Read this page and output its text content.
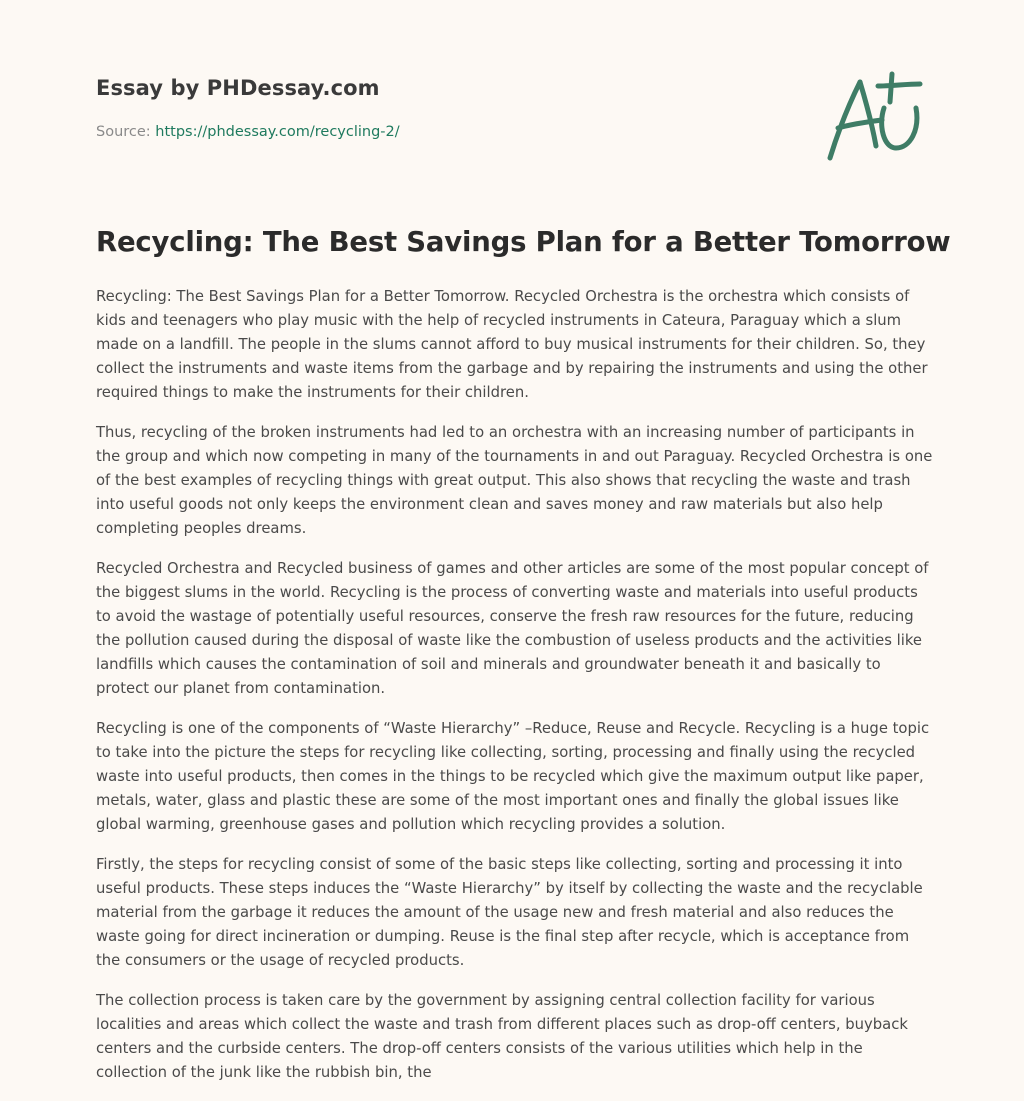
Essay by PHDessay.com

Source: https://phdessay.com/recycling-2/
Recycling: The Best Savings Plan for a Better Tomorrow

Recycling: The Best Savings Plan for a Better Tomorrow. Recycled Orchestra is the orchestra which consists of kids and teenagers who play music with the help of recycled instruments in Cateura, Paraguay which a slum made on a landfill. The people in the slums cannot afford to buy musical instruments for their children. So, they collect the instruments and waste items from the garbage and by repairing the instruments and using the other required things to make the instruments for their children.

Thus, recycling of the broken instruments had led to an orchestra with an increasing number of participants in the group and which now competing in many of the tournaments in and out Paraguay. Recycled Orchestra is one of the best examples of recycling things with great output. This also shows that recycling the waste and trash into useful goods not only keeps the environment clean and saves money and raw materials but also help completing peoples dreams.

Recycled Orchestra and Recycled business of games and other articles are some of the most popular concept of the biggest slums in the world. Recycling is the process of converting waste and materials into useful products to avoid the wastage of potentially useful resources, conserve the fresh raw resources for the future, reducing the pollution caused during the disposal of waste like the combustion of useless products and the activities like landfills which causes the contamination of soil and minerals and groundwater beneath it and basically to protect our planet from contamination.

Recycling is one of the components of “Waste Hierarchy” –Reduce, Reuse and Recycle. Recycling is a huge topic to take into the picture the steps for recycling like collecting, sorting, processing and finally using the recycled waste into useful products, then comes in the things to be recycled which give the maximum output like paper, metals, water, glass and plastic these are some of the most important ones and finally the global issues like global warming, greenhouse gases and pollution which recycling provides a solution.

Firstly, the steps for recycling consist of some of the basic steps like collecting, sorting and processing it into useful products. These steps induces the “Waste Hierarchy” by itself by collecting the waste and the recyclable material from the garbage it reduces the amount of the usage new and fresh material and also reduces the waste going for direct incineration or dumping. Reuse is the final step after recycle, which is acceptance from the consumers or the usage of recycled products.

The collection process is taken care by the government by assigning central collection facility for various localities and areas which collect the waste and trash from different places such as drop-off centers, buyback centers and the curbside centers. The drop-off centers consists of the various utilities which help in the collection of the junk like the rubbish bin, the
